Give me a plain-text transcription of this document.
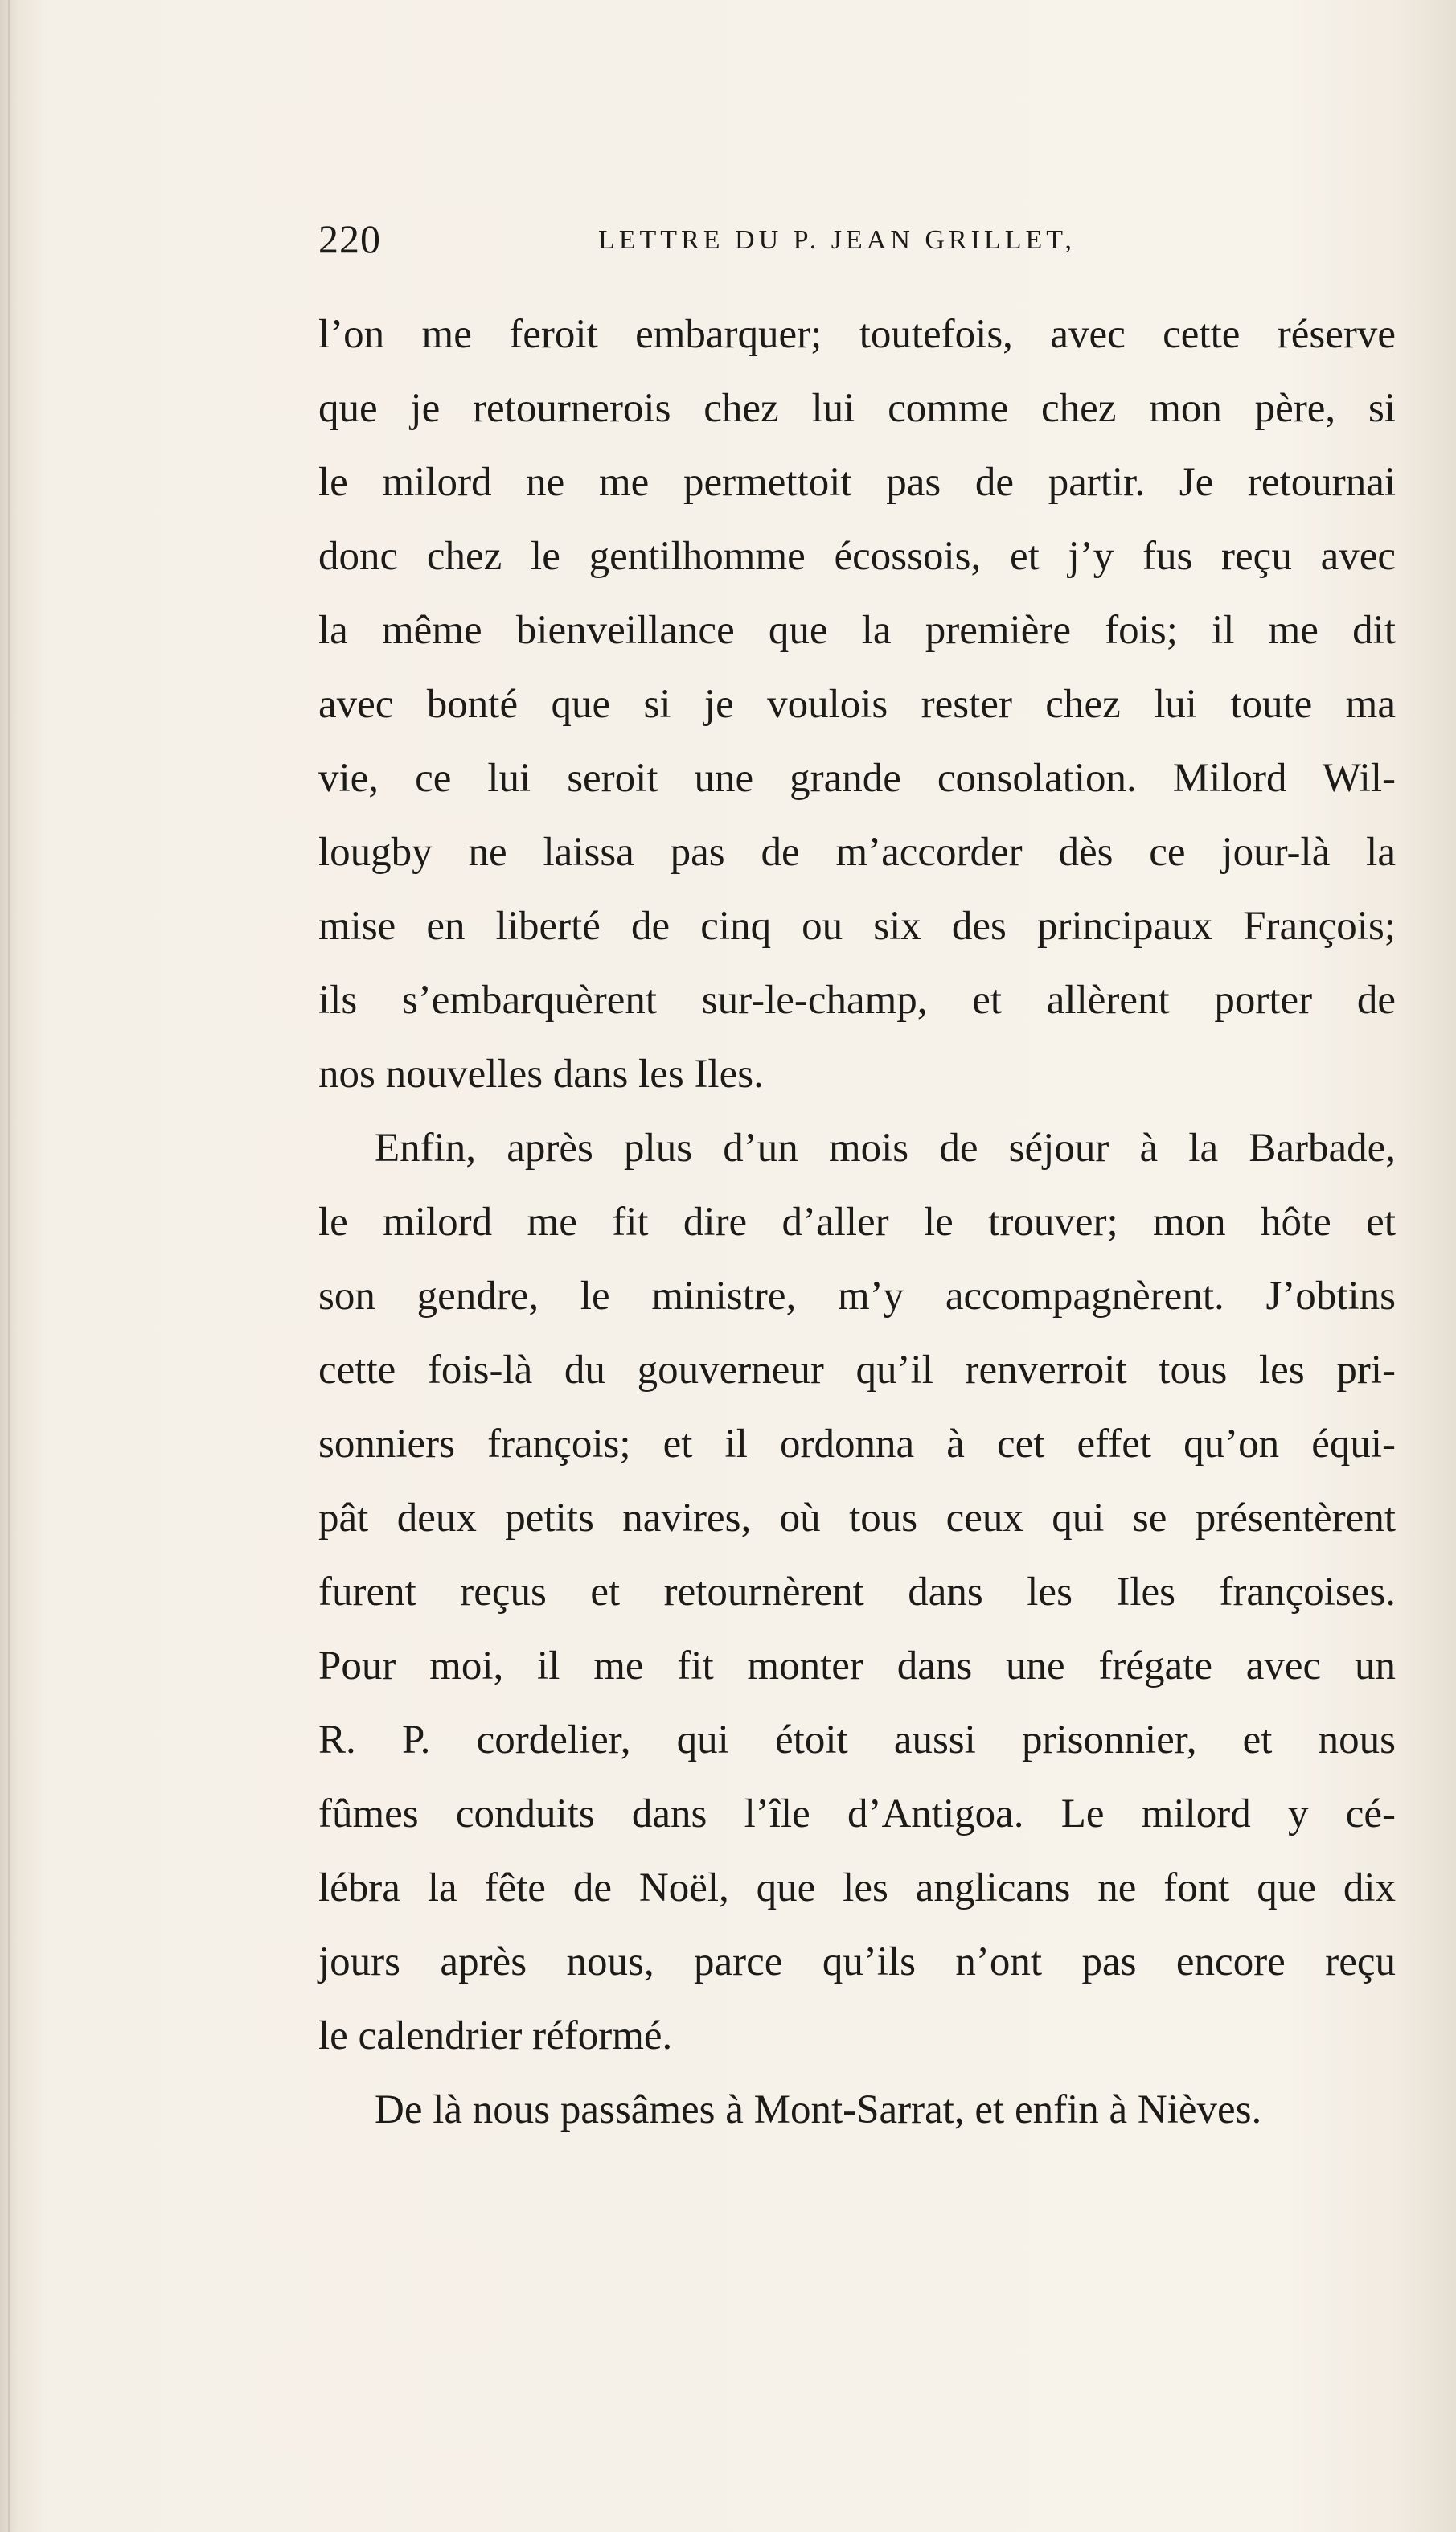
220	LETTRE DU P. JEAN GRILLET,
l’on me feroit embarquer; toutefois, avec cette réserve
que je retournerois chez lui comme chez mon père, si
le milord ne me permettoit pas de partir. Je retournai
donc chez le gentilhomme écossois, et j’y fus reçu avec
la même bienveillance que la première fois; il me dit
avec bonté que si je voulois rester chez lui toute ma
vie, ce lui seroit une grande consolation. Milord Wil-
lougby ne laissa pas de m’accorder dès ce jour-là la
mise en liberté de cinq ou six des principaux François;
ils s’embarquèrent sur-le-champ, et allèrent porter de
nos nouvelles dans les Iles.
Enfin, après plus d’un mois de séjour à la Barbade,
le milord me fit dire d’aller le trouver; mon hôte et
son gendre, le ministre, m’y accompagnèrent. J’obtins
cette fois-là du gouverneur qu’il renverroit tous les pri-
sonniers françois; et il ordonna à cet effet qu’on équi-
pât deux petits navires, où tous ceux qui se présentèrent
furent reçus et retournèrent dans les Iles françoises.
Pour moi, il me fit monter dans une frégate avec un
R. P. cordelier, qui étoit aussi prisonnier, et nous
fûmes conduits dans l’île d’Antigoa. Le milord y cé-
lébra la fête de Noël, que les anglicans ne font que dix
jours après nous, parce qu’ils n’ont pas encore reçu
le calendrier réformé.
De là nous passâmes à Mont-Sarrat, et enfin à Nièves.
